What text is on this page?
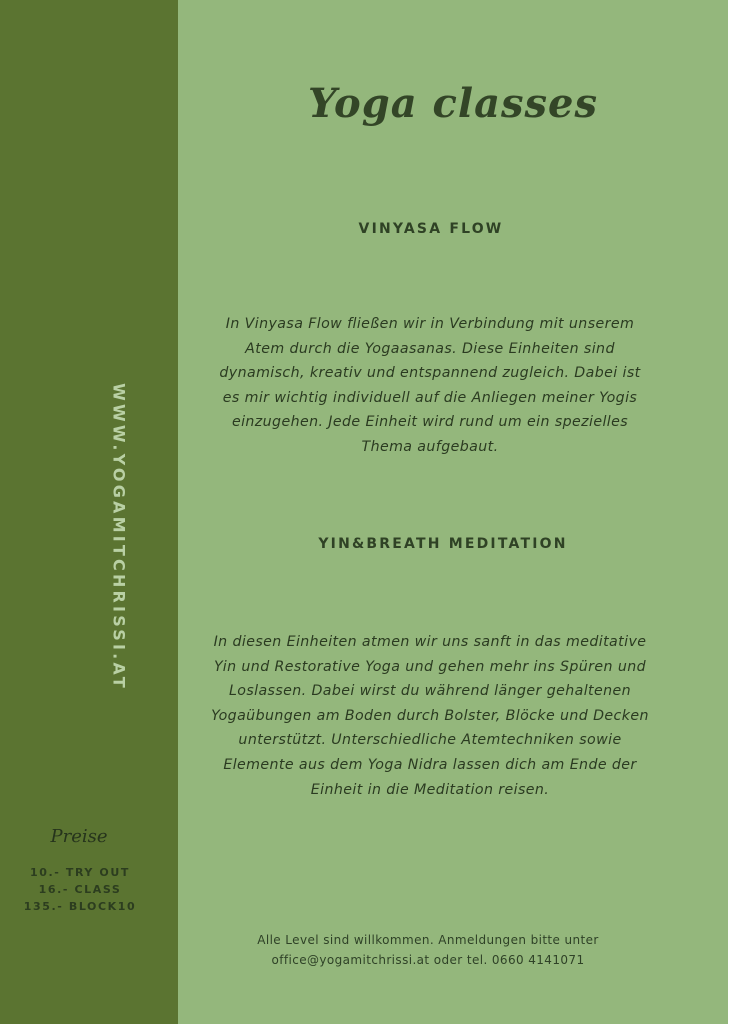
WWW.YOGAMITCHRISSI.AT
Preise
10.- TRY OUT
16.- CLASS
135.- BLOCK10
Yoga classes
VINYASA FLOW

In Vinyasa Flow fließen wir in Verbindung mit unserem Atem durch die Yogaasanas. Diese Einheiten sind dynamisch, kreativ und entspannend zugleich. Dabei ist es mir wichtig individuell auf die Anliegen meiner Yogis einzugehen. Jede Einheit wird rund um ein spezielles Thema aufgebaut.

YIN&BREATH MEDITATION

In diesen Einheiten atmen wir uns sanft in das meditative Yin und Restorative Yoga und gehen mehr ins Spüren und Loslassen. Dabei wirst du während länger gehaltenen Yogaübungen am Boden durch Bolster, Blöcke und Decken unterstützt. Unterschiedliche Atemtechniken sowie Elemente aus dem Yoga Nidra lassen dich am Ende der Einheit in die Meditation reisen.

Alle Level sind willkommen. Anmeldungen bitte unter
office@yogamitchrissi.at oder tel. 0660 4141071
